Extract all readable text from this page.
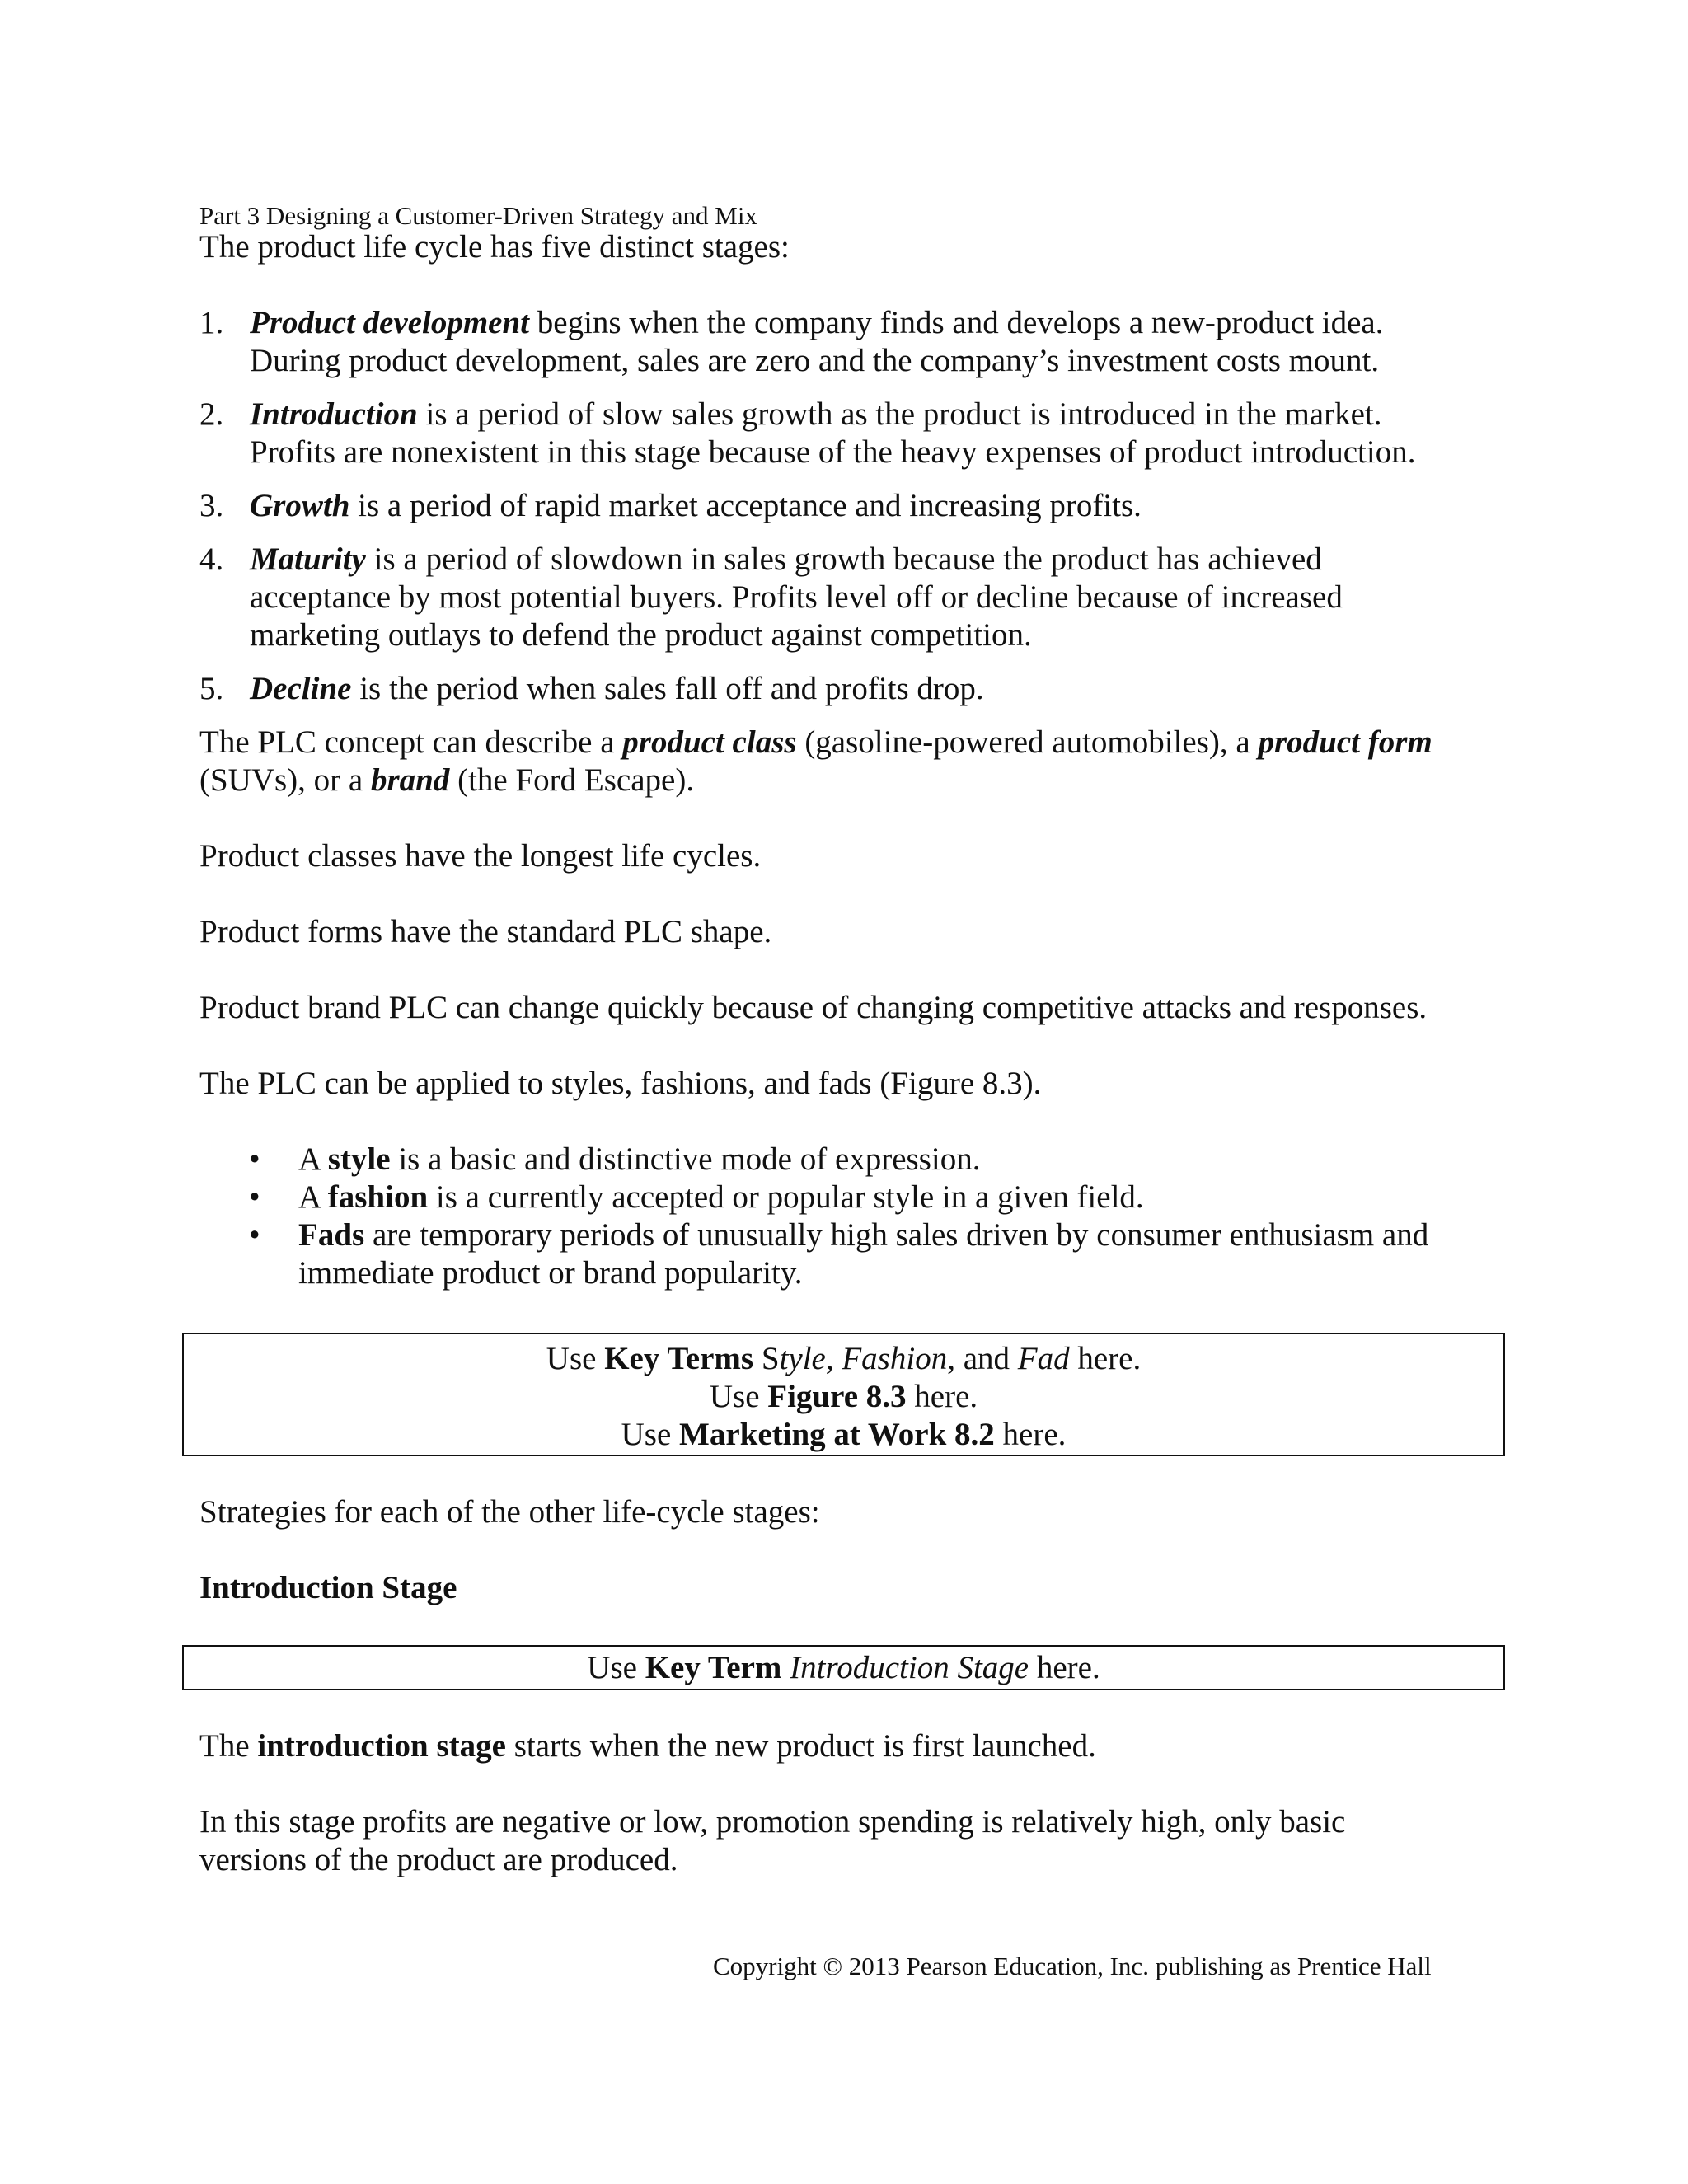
Part 3 Designing a Customer-Driven Strategy and Mix

The product life cycle has five distinct stages:

1. Product development begins when the company finds and develops a new-product idea.
During product development, sales are zero and the company’s investment costs mount.
2. Introduction is a period of slow sales growth as the product is introduced in the market.
Profits are nonexistent in this stage because of the heavy expenses of product introduction.
3. Growth is a period of rapid market acceptance and increasing profits.
4. Maturity is a period of slowdown in sales growth because the product has achieved
acceptance by most potential buyers. Profits level off or decline because of increased
marketing outlays to defend the product against competition.
5. Decline is the period when sales fall off and profits drop.

The PLC concept can describe a product class (gasoline-powered automobiles), a product form
(SUVs), or a brand (the Ford Escape).

Product classes have the longest life cycles.

Product forms have the standard PLC shape.

Product brand PLC can change quickly because of changing competitive attacks and responses.

The PLC can be applied to styles, fashions, and fads (Figure 8.3).

• A style is a basic and distinctive mode of expression.
• A fashion is a currently accepted or popular style in a given field.
• Fads are temporary periods of unusually high sales driven by consumer enthusiasm and
immediate product or brand popularity.
Use Key Terms Style, Fashion, and Fad here.
Use Figure 8.3 here.
Use Marketing at Work 8.2 here.

Strategies for each of the other life-cycle stages:

Introduction Stage

Use Key Term Introduction Stage here.

The introduction stage starts when the new product is first launched.

In this stage profits are negative or low, promotion spending is relatively high, only basic
versions of the product are produced.

Copyright © 2013 Pearson Education, Inc. publishing as Prentice Hall
